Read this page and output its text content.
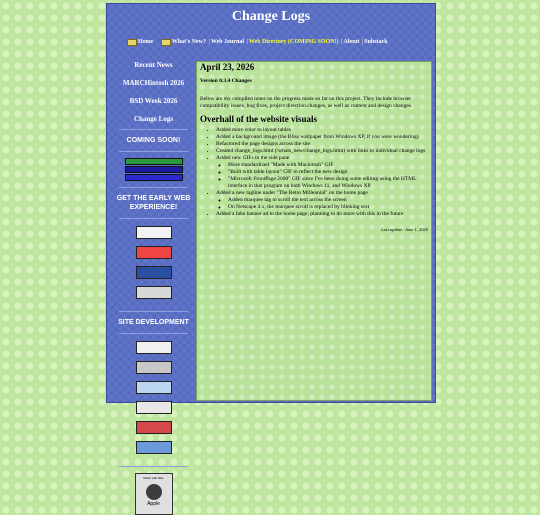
Change Logs
Home	What's New? |Web Journal |Web Directory (COMING SOON!) |About |Substack
Recent News
MARCHintosh 2026
BSD Week 2026
Change Logs
COMING SOON!
GET THE EARLY WEB EXPERIENCE!

SITE DEVELOPMENT

Made with Mac
Apple
April 23, 2026
Version 0.3.4 Changes
Below are my compiled notes on the progress made so far on this project. They include browser compatibility issues, bug fixes, project direction changes, as well as content and design changes.
Overhall of the website visuals
• Added more color to layout tables
• Added a background image (the Bliss wallpaper from Windows XP, if you were wondering)
• Refactored the page designs across the site
• Created change_logs.html (/whats_new/change_logs.html) with links to individual change logs
• Added new GIFs to the side pane
◦ More standardized "Made with Macintosh" GIF
◦ "Built with table layout" GIF to reflect the new design
◦ "Microsoft FrontPage 2000" GIF since I've been doing some editing using the HTML interface in that program on both Windows 11, and Windows XP.
• Added a new tagline under "The Retro Millennial" on the home page
◦ Added marquee tag to scroll the text across the screen
◦ On Netscape 4.x, the marquee scroll is replaced by blinking text
• Added a fake banner ad to the home page; planning to do more with this in the future
Last update: June 1, 2026
